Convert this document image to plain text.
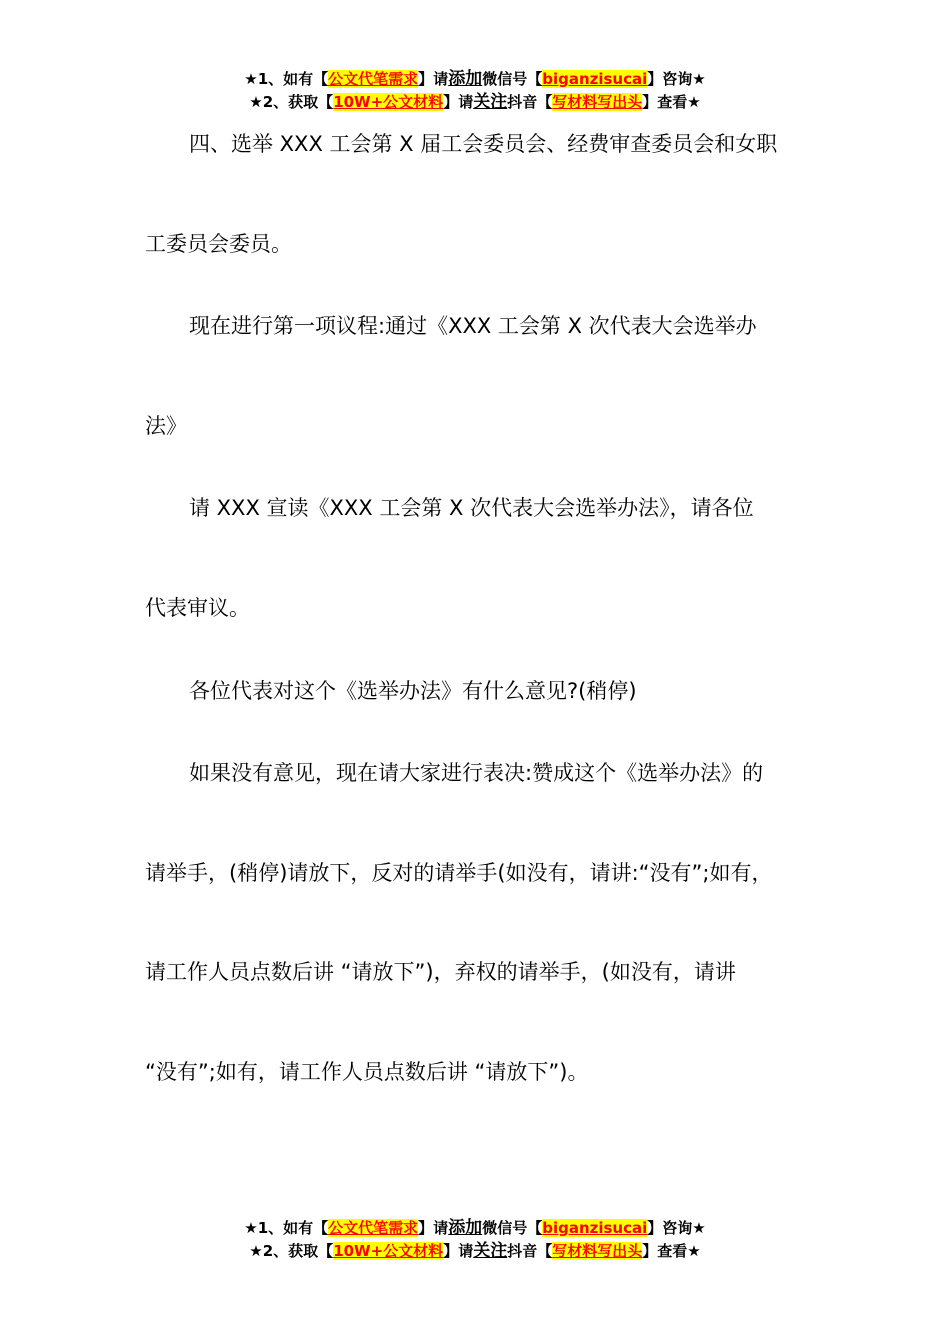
★1、如有【公文代笔需求】请添加微信号【biganzisucai】咨询★
★2、获取【10W+公文材料】请关注抖音【写材料写出头】查看★
四、选举 XXX 工会第 X 届工会委员会、经费审查委员会和女职
工委员会委员。
现在进行第一项议程:通过《XXX 工会第 X 次代表大会选举办
法》
请 XXX 宣读《XXX 工会第 X 次代表大会选举办法》，请各位
代表审议。
各位代表对这个《选举办法》有什么意见?(稍停)
如果没有意见，现在请大家进行表决:赞成这个《选举办法》的
请举手，(稍停)请放下，反对的请举手(如没有，请讲:“没有”;如有，
请工作人员点数后讲 “请放下”)，弃权的请举手，(如没有，请讲
“没有”;如有，请工作人员点数后讲 “请放下”)。
★1、如有【公文代笔需求】请添加微信号【biganzisucai】咨询★
★2、获取【10W+公文材料】请关注抖音【写材料写出头】查看★
